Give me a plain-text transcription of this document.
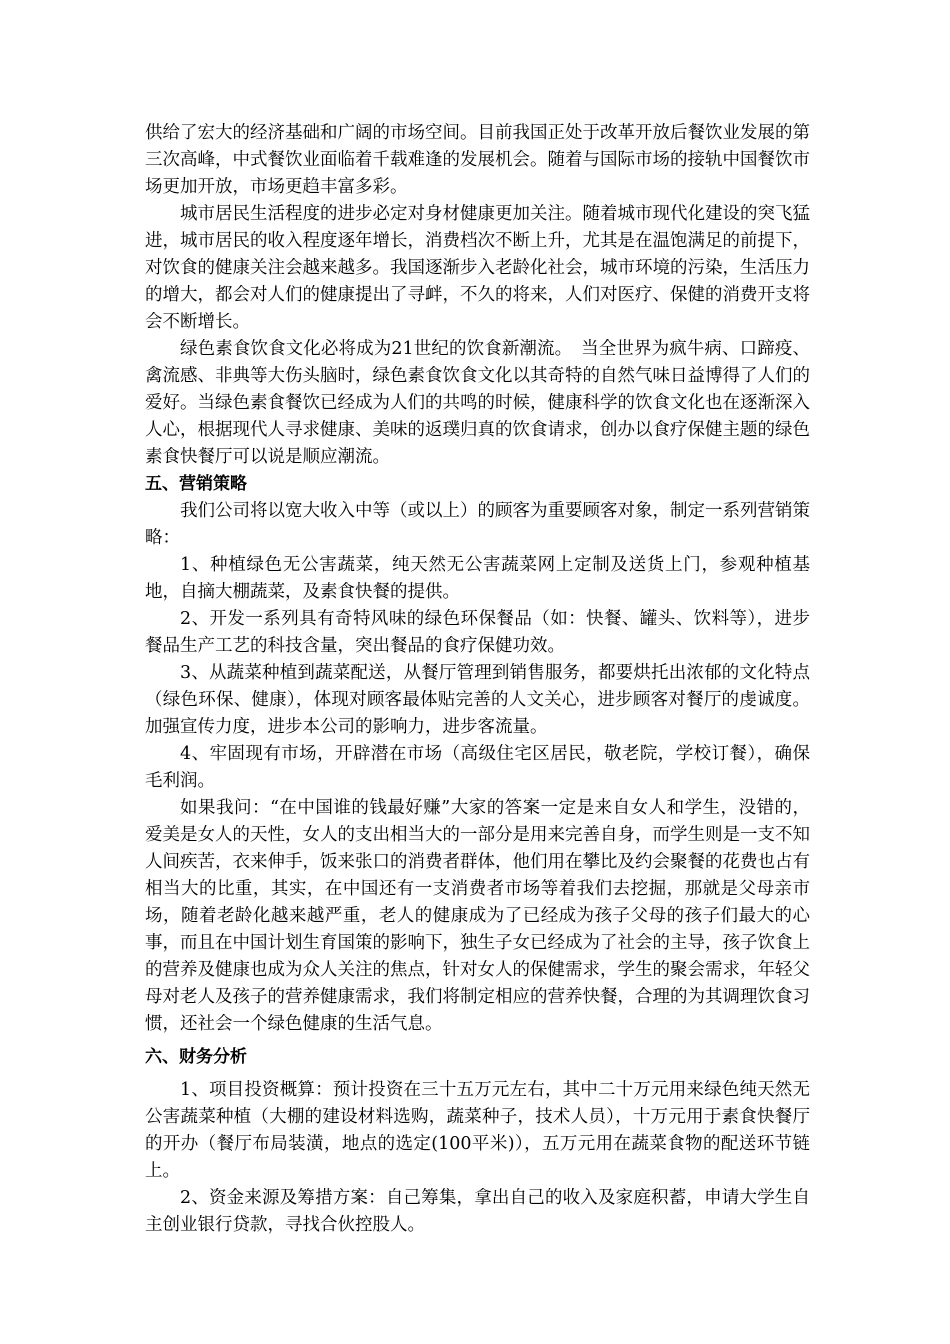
供给了宏大的经济基础和广阔的市场空间。目前我国正处于改革开放后餐饮业发展的第三次高峰，中式餐饮业面临着千载难逢的发展机会。随着与国际市场的接轨中国餐饮市场更加开放，市场更趋丰富多彩。

城市居民生活程度的进步必定对身材健康更加关注。随着城市现代化建设的突飞猛进，城市居民的收入程度逐年增长，消费档次不断上升，尤其是在温饱满足的前提下，对饮食的健康关注会越来越多。我国逐渐步入老龄化社会，城市环境的污染，生活压力的增大，都会对人们的健康提出了寻衅，不久的将来，人们对医疗、保健的消费开支将会不断增长。

绿色素食饮食文化必将成为21世纪的饮食新潮流。　当全世界为疯牛病、口蹄疫、禽流感、非典等大伤头脑时，绿色素食饮食文化以其奇特的自然气味日益博得了人们的爱好。当绿色素食餐饮已经成为人们的共鸣的时候，健康科学的饮食文化也在逐渐深入人心，根据现代人寻求健康、美味的返璞归真的饮食请求，创办以食疗保健主题的绿色素食快餐厅可以说是顺应潮流。

五、营销策略

我们公司将以宽大收入中等（或以上）的顾客为重要顾客对象，制定一系列营销策略：

1、种植绿色无公害蔬菜，纯天然无公害蔬菜网上定制及送货上门，参观种植基地，自摘大棚蔬菜，及素食快餐的提供。

2、开发一系列具有奇特风味的绿色环保餐品（如：快餐、罐头、饮料等），进步餐品生产工艺的科技含量，突出餐品的食疗保健功效。

3、从蔬菜种植到蔬菜配送，从餐厅管理到销售服务，都要烘托出浓郁的文化特点（绿色环保、健康），体现对顾客最体贴完善的人文关心，进步顾客对餐厅的虔诚度。加强宣传力度，进步本公司的影响力，进步客流量。

4、牢固现有市场，开辟潜在市场（高级住宅区居民，敬老院，学校订餐），确保毛利润。

如果我问：“在中国谁的钱最好赚”大家的答案一定是来自女人和学生，没错的，爱美是女人的天性，女人的支出相当大的一部分是用来完善自身，而学生则是一支不知人间疾苦，衣来伸手，饭来张口的消费者群体，他们用在攀比及约会聚餐的花费也占有相当大的比重，其实，在中国还有一支消费者市场等着我们去挖掘，那就是父母亲市场，随着老龄化越来越严重，老人的健康成为了已经成为孩子父母的孩子们最大的心事，而且在中国计划生育国策的影响下，独生子女已经成为了社会的主导，孩子饮食上的营养及健康也成为众人关注的焦点，针对女人的保健需求，学生的聚会需求，年轻父母对老人及孩子的营养健康需求，我们将制定相应的营养快餐，合理的为其调理饮食习惯，还社会一个绿色健康的生活气息。

六、财务分析

1、项目投资概算：预计投资在三十五万元左右，其中二十万元用来绿色纯天然无公害蔬菜种植（大棚的建设材料选购，蔬菜种子，技术人员），十万元用于素食快餐厅的开办（餐厅布局装潢，地点的选定(100平米)），五万元用在蔬菜食物的配送环节链上。

2、资金来源及筹措方案：自己筹集，拿出自己的收入及家庭积蓄，申请大学生自主创业银行贷款，寻找合伙控股人。
